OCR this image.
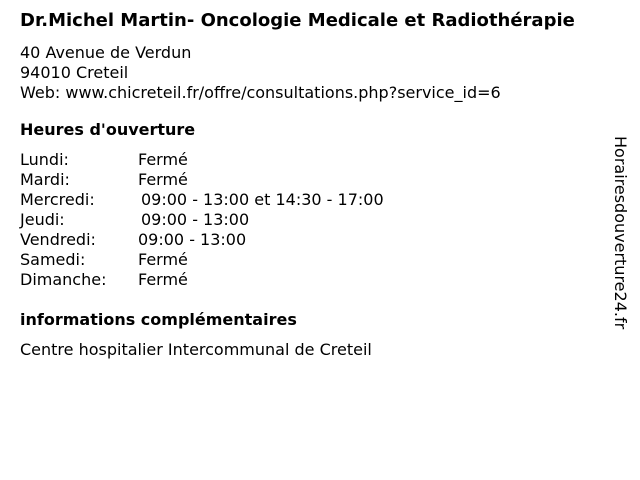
Dr.Michel Martin- Oncologie Medicale et Radiothérapie
40 Avenue de Verdun
94010 Creteil
Web: www.chicreteil.fr/offre/consultations.php?service_id=6
Heures d'ouverture
Lundi:	Fermé
Mardi:	Fermé
Mercredi:	09:00 - 13:00 et 14:30 - 17:00
Jeudi:	09:00 - 13:00
Vendredi:	09:00 - 13:00
Samedi:	Fermé
Dimanche:	Fermé
informations complémentaires
Centre hospitalier Intercommunal de Creteil
Horairesdouverture24.fr
